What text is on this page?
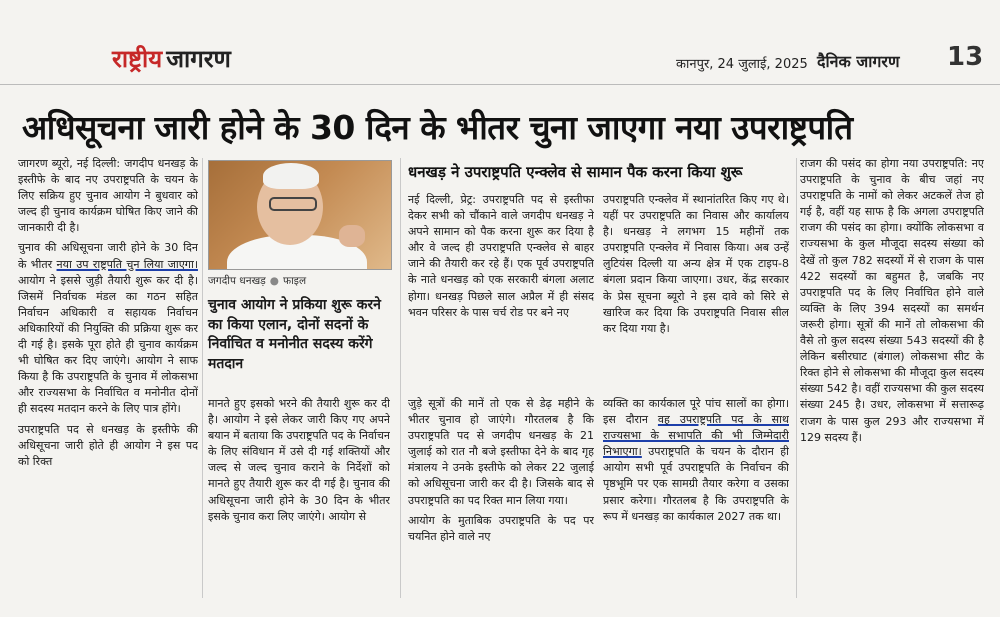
राष्ट्रीय जागरण	कानपुर, 24 जुलाई, 2025 दैनिक जागरण 13
अधिसूचना जारी होने के 30 दिन के भीतर चुना जाएगा नया उपराष्ट्रपति

जागरण ब्यूरो, नई दिल्ली: जगदीप धनखड़ के इस्तीफे के बाद नए उपराष्ट्रपति के चयन के लिए सक्रिय हुए चुनाव आयोग ने बुधवार को जल्द ही चुनाव कार्यक्रम घोषित किए जाने की जानकारी दी है।

चुनाव की अधिसूचना जारी होने के 30 दिन के भीतर नया उप राष्ट्रपति चुन लिया जाएगा। आयोग ने इससे जुड़ी तैयारी शुरू कर दी है। जिसमें निर्वाचक मंडल का गठन सहित निर्वाचन अधिकारी व सहायक निर्वाचन अधिकारियों की नियुक्ति की प्रक्रिया शुरू कर दी गई है। इसके पूरा होते ही चुनाव कार्यक्रम भी घोषित कर दिए जाएंगे। आयोग ने साफ किया है कि उपराष्ट्रपति के चुनाव में लोकसभा और राज्यसभा के निर्वाचित व मनोनीत दोनों ही सदस्य मतदान करने के लिए पात्र होंगे।

उपराष्ट्रपति पद से धनखड़ के इस्तीफे की अधिसूचना जारी होते ही आयोग ने इस पद को रिक्त

जगदीप धनखड़ ● फाइल
चुनाव आयोग ने प्रकिया शुरू करने का किया एलान, दोनों सदनों के निर्वाचित व मनोनीत सदस्य करेंगे मतदान

मानते हुए इसको भरने की तैयारी शुरू कर दी है। आयोग ने इसे लेकर जारी किए गए अपने बयान में बताया कि उपराष्ट्रपति पद के निर्वाचन के लिए संविधान में उसे दी गई शक्तियों और जल्द से जल्द चुनाव कराने के निर्देशों को मानते हुए तैयारी शुरू कर दी गई है। चुनाव की अधिसूचना जारी होने के 30 दिन के भीतर इसके चुनाव करा लिए जाएंगे। आयोग से

धनखड़ ने उपराष्ट्रपति एन्क्लेव से सामान पैक करना किया शुरू

नई दिल्ली, प्रेट्र: उपराष्ट्रपति पद से इस्तीफा देकर सभी को चौंकाने वाले जगदीप धनखड़ ने अपने सामान को पैक करना शुरू कर दिया है और वे जल्द ही उपराष्ट्रपति एन्क्लेव से बाहर जाने की तैयारी कर रहे हैं। एक पूर्व उपराष्ट्रपति के नाते धनखड़ को एक सरकारी बंगला अलाट होगा। धनखड़ पिछले साल अप्रैल में ही संसद भवन परिसर के पास चर्च रोड पर बने नए

उपराष्ट्रपति एन्क्लेव में स्थानांतरित किए गए थे। यहीं पर उपराष्ट्रपति का निवास और कार्यालय है। धनखड़ ने लगभग 15 महीनों तक उपराष्ट्रपति एन्क्लेव में निवास किया। अब उन्हें लुटियंस दिल्ली या अन्य क्षेत्र में एक टाइप-8 बंगला प्रदान किया जाएगा। उधर, केंद्र सरकार के प्रेस सूचना ब्यूरो ने इस दावे को सिरे से खारिज कर दिया कि उपराष्ट्रपति निवास सील कर दिया गया है।

जुड़े सूत्रों की मानें तो एक से डेढ़ महीने के भीतर चुनाव हो जाएंगे। गौरतलब है कि उपराष्ट्रपति पद से जगदीप धनखड़ के 21 जुलाई को रात नौ बजे इस्तीफा देने के बाद गृह मंत्रालय ने उनके इस्तीफे को लेकर 22 जुलाई को अधिसूचना जारी कर दी है। जिसके बाद से उपराष्ट्रपति का पद रिक्त मान लिया गया।

आयोग के मुताबिक उपराष्ट्रपति के पद पर चयनित होने वाले नए

व्यक्ति का कार्यकाल पूरे पांच सालों का होगा। इस दौरान वह उपराष्ट्रपति पद के साथ राज्यसभा के सभापति की भी जिम्मेदारी निभाएगा। उपराष्ट्रपति के चयन के दौरान ही आयोग सभी पूर्व उपराष्ट्रपति के निर्वाचन की पृष्ठभूमि पर एक सामग्री तैयार करेगा व उसका प्रसार करेगा। गौरतलब है कि उपराष्ट्रपति के रूप में धनखड़ का कार्यकाल 2027 तक था।

राजग की पसंद का होगा नया उपराष्ट्रपति: नए उपराष्ट्रपति के चुनाव के बीच जहां नए उपराष्ट्रपति के नामों को लेकर अटकलें तेज हो गई है, वहीं यह साफ है कि अगला उपराष्ट्रपति राजग की पसंद का होगा। क्योंकि लोकसभा व राज्यसभा के कुल मौजूदा सदस्य संख्या को देखें तो कुल 782 सदस्यों में से राजग के पास 422 सदस्यों का बहुमत है, जबकि नए उपराष्ट्रपति पद के लिए निर्वाचित होने वाले व्यक्ति के लिए 394 सदस्यों का समर्थन जरूरी होगा। सूत्रों की मानें तो लोकसभा की वैसे तो कुल सदस्य संख्या 543 सदस्यों की है लेकिन बसीरघाट (बंगाल) लोकसभा सीट के रिक्त होने से लोकसभा की मौजूदा कुल सदस्य संख्या 542 है। वहीं राज्यसभा की कुल सदस्य संख्या 245 है। उधर, लोकसभा में सत्तारूढ़ राजग के पास कुल 293 और राज्यसभा में 129 सदस्य हैं।
